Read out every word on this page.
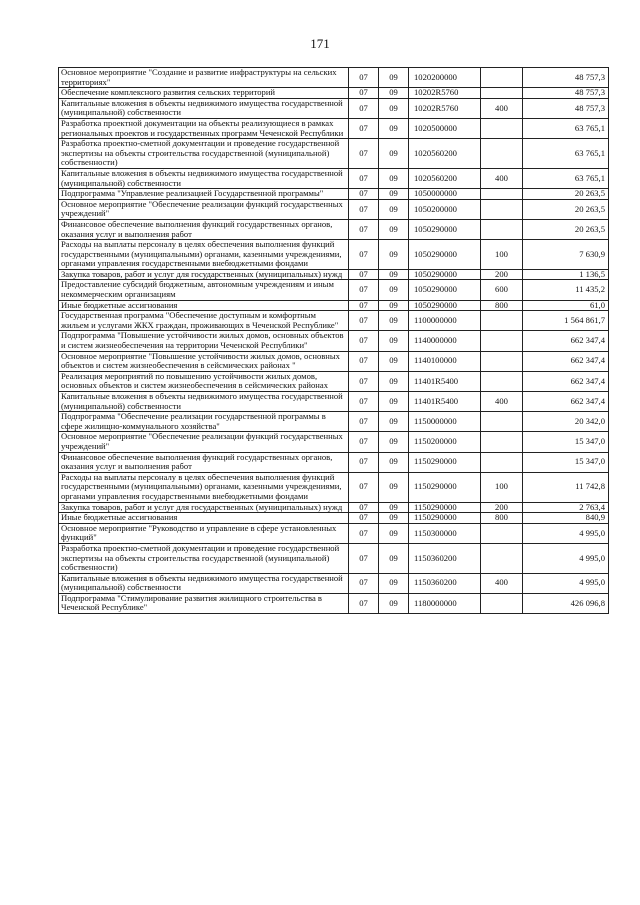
171
Основное мероприятие "Создание и развитие инфраструктуры на сельских территориях"	07	09	1020200000		48 757,3
Обеспечение комплексного развития сельских территорий	07	09	10202R5760		48 757,3
Капитальные вложения в объекты недвижимого имущества государственной (муниципальной) собственности	07	09	10202R5760	400	48 757,3
Разработка проектной документации на объекты реализующиеся в рамках региональных проектов и государственных программ Чеченской Республики	07	09	1020500000		63 765,1
Разработка проектно-сметной документации и проведение государственной экспертизы на объекты строительства государственной (муниципальной) собственности)	07	09	1020560200		63 765,1
Капитальные вложения в объекты недвижимого имущества государственной (муниципальной) собственности	07	09	1020560200	400	63 765,1
Подпрограмма "Управление реализацией Государственной программы"	07	09	1050000000		20 263,5
Основное мероприятие "Обеспечение реализации функций государственных учреждений"	07	09	1050200000		20 263,5
Финансовое обеспечение выполнения функций государственных органов, оказания услуг и выполнения работ	07	09	1050290000		20 263,5
Расходы на выплаты персоналу в целях обеспечения выполнения функций государственными (муниципальными) органами, казенными учреждениями, органами управления государственными внебюджетными фондами	07	09	1050290000	100	7 630,9
Закупка товаров, работ и услуг для государственных (муниципальных) нужд	07	09	1050290000	200	1 136,5
Предоставление субсидий бюджетным, автономным учреждениям и иным некоммерческим организациям	07	09	1050290000	600	11 435,2
Иные бюджетные ассигнования	07	09	1050290000	800	61,0
Государственная программа "Обеспечение доступным и комфортным жильем и услугами ЖКХ граждан, проживающих в Чеченской Республике"	07	09	1100000000		1 564 861,7
Подпрограмма "Повышение устойчивости жилых домов, основных объектов и систем жизнеобеспечения на территории Чеченской Республики"	07	09	1140000000		662 347,4
Основное мероприятие "Повышение устойчивости жилых домов, основных объектов и систем жизнеобеспечения в сейсмических районах "	07	09	1140100000		662 347,4
Реализация мероприятий по повышению устойчивости жилых домов, основных объектов и систем жизнеобеспечения в сейсмических районах	07	09	11401R5400		662 347,4
Капитальные вложения в объекты недвижимого имущества государственной (муниципальной) собственности	07	09	11401R5400	400	662 347,4
Подпрограмма "Обеспечение реализации государственной программы в сфере жилищно-коммунального хозяйства"	07	09	1150000000		20 342,0
Основное мероприятие "Обеспечение реализации функций государственных учреждений"	07	09	1150200000		15 347,0
Финансовое обеспечение выполнения функций государственных органов, оказания услуг и выполнения работ	07	09	1150290000		15 347,0
Расходы на выплаты персоналу в целях обеспечения выполнения функций государственными (муниципальными) органами, казенными учреждениями, органами управления государственными внебюджетными фондами	07	09	1150290000	100	11 742,8
Закупка товаров, работ и услуг для государственных (муниципальных) нужд	07	09	1150290000	200	2 763,4
Иные бюджетные ассигнования	07	09	1150290000	800	840,9
Основное мероприятие "Руководство и управление в сфере установленных функций"	07	09	1150300000		4 995,0
Разработка проектно-сметной документации и проведение государственной экспертизы на объекты строительства государственной (муниципальной) собственности)	07	09	1150360200		4 995,0
Капитальные вложения в объекты недвижимого имущества государственной (муниципальной) собственности	07	09	1150360200	400	4 995,0
Подпрограмма "Стимулирование развития жилищного строительства в Чеченской Республике"	07	09	1180000000		426 096,8
